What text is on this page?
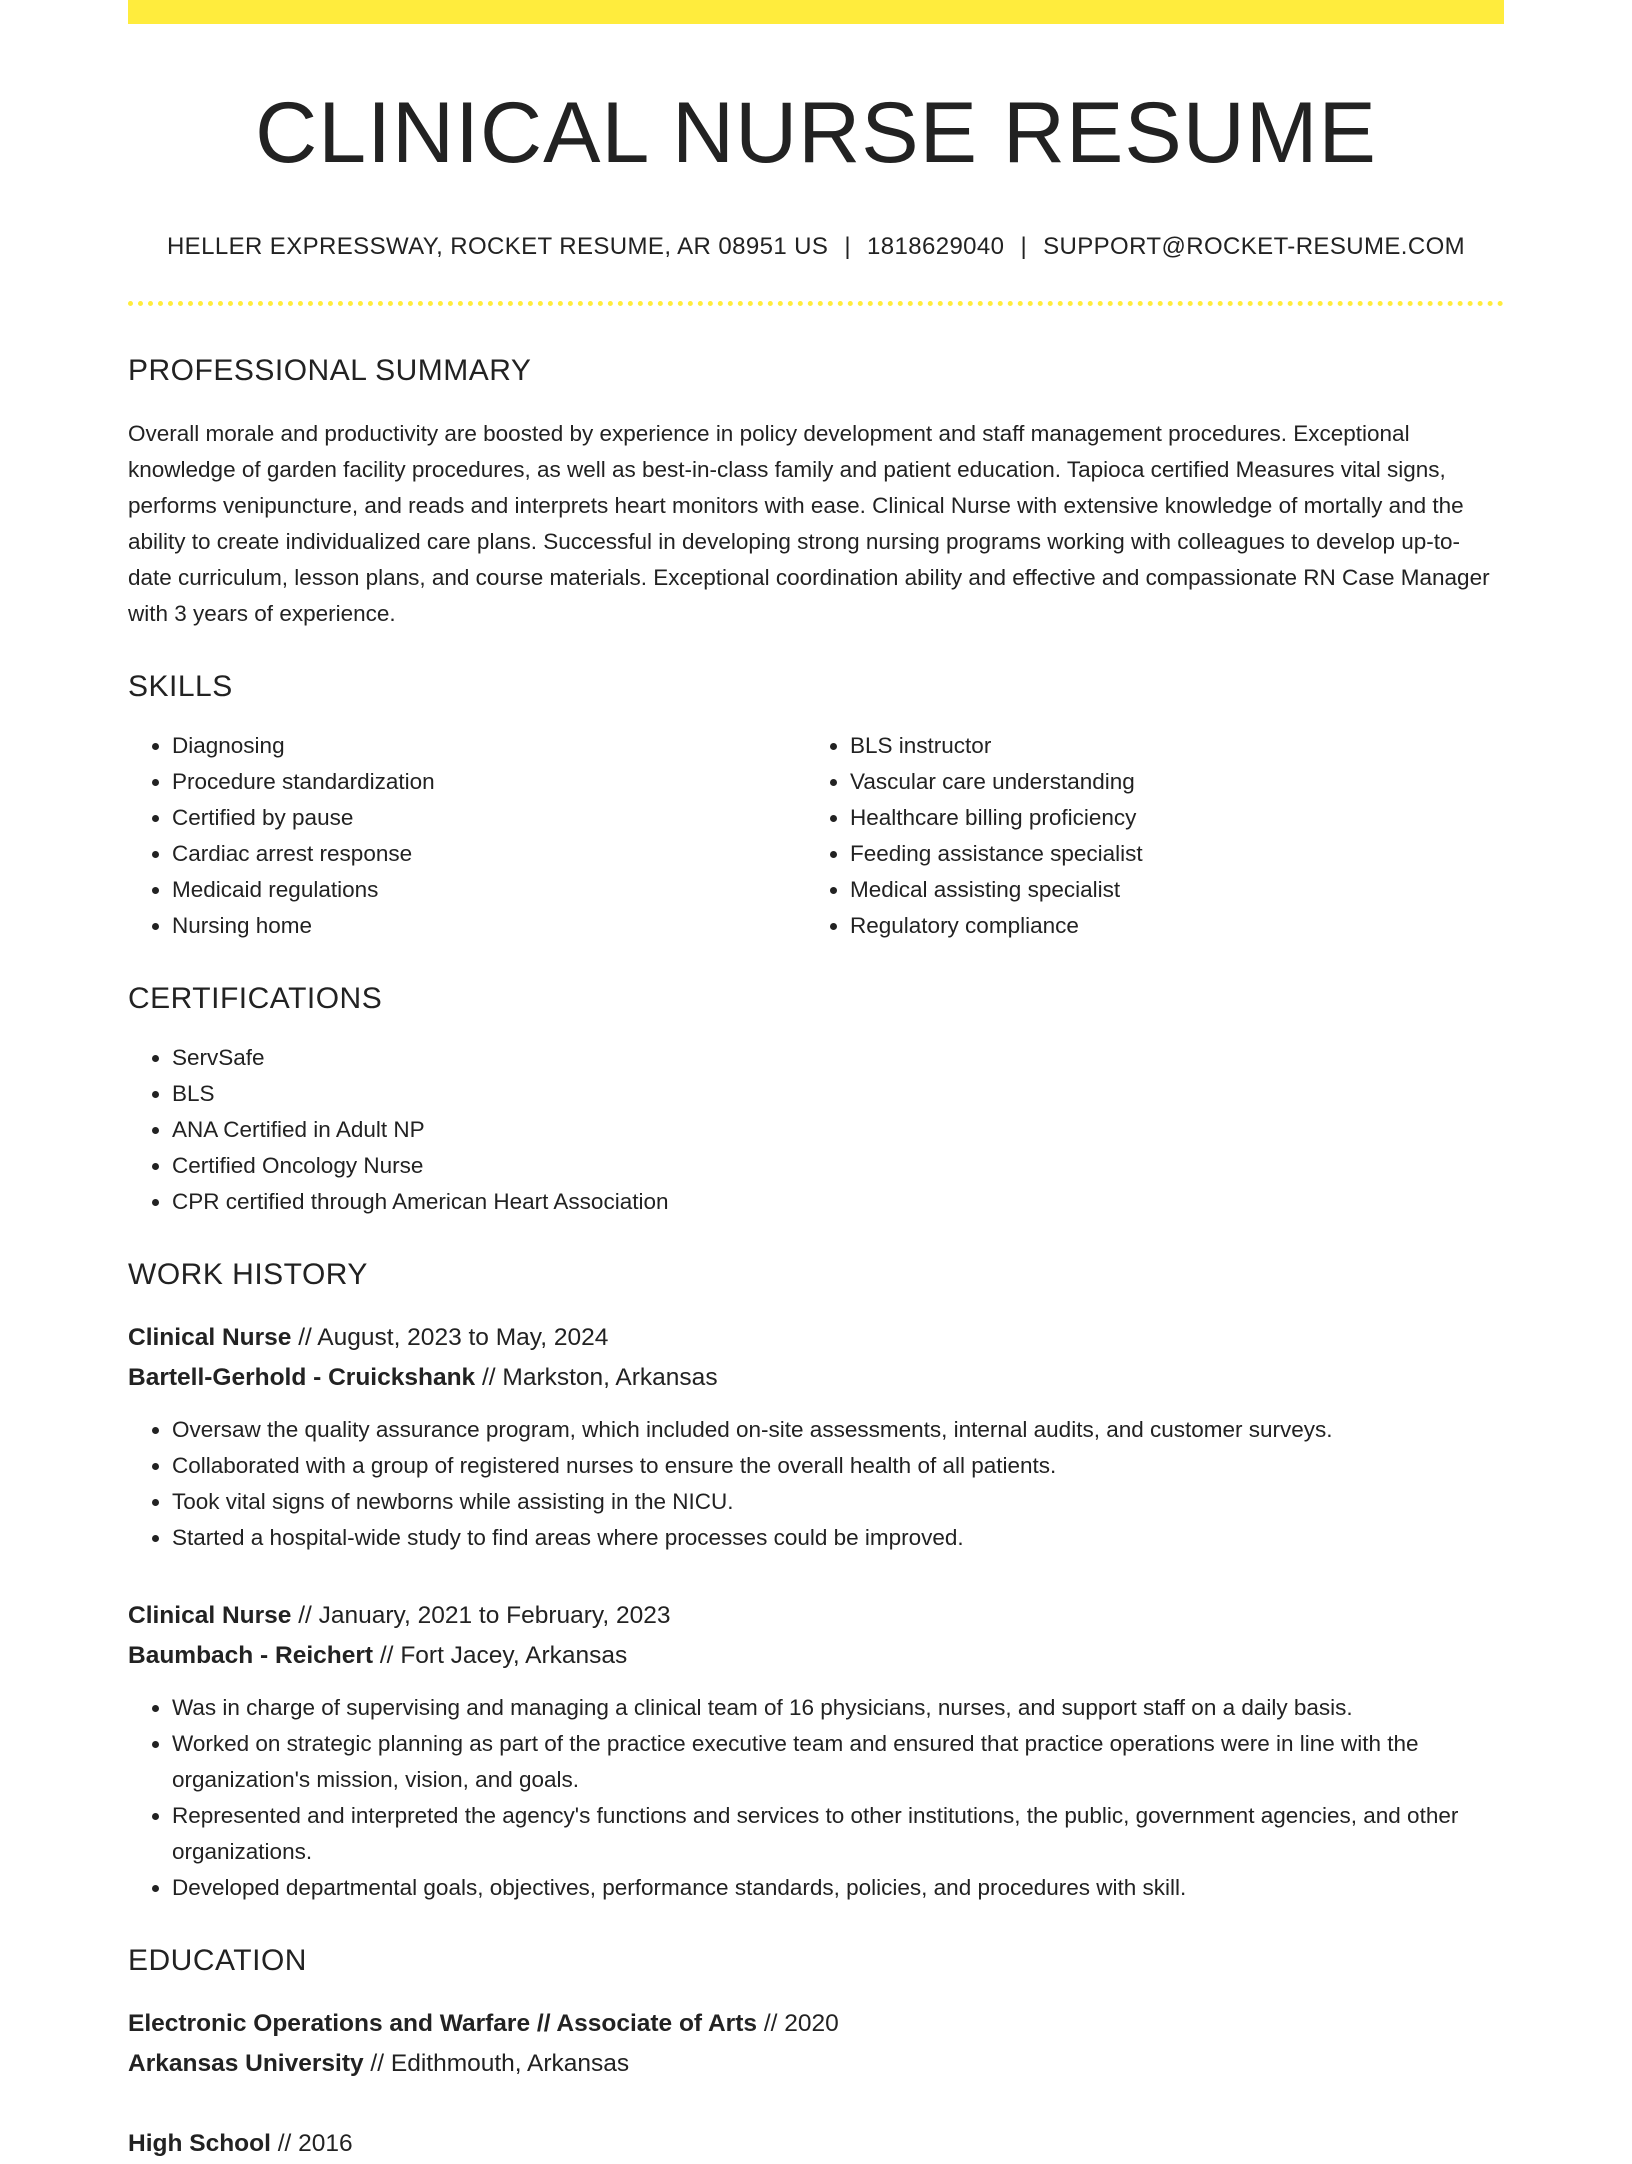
CLINICAL NURSE RESUME
HELLER EXPRESSWAY, ROCKET RESUME, AR 08951 US | 1818629040 | SUPPORT@ROCKET-RESUME.COM
PROFESSIONAL SUMMARY
Overall morale and productivity are boosted by experience in policy development and staff management procedures. Exceptional knowledge of garden facility procedures, as well as best-in-class family and patient education. Tapioca certified Measures vital signs, performs venipuncture, and reads and interprets heart monitors with ease. Clinical Nurse with extensive knowledge of mortally and the ability to create individualized care plans. Successful in developing strong nursing programs working with colleagues to develop up-to-date curriculum, lesson plans, and course materials. Exceptional coordination ability and effective and compassionate RN Case Manager with 3 years of experience.
SKILLS
• Diagnosing
• Procedure standardization
• Certified by pause
• Cardiac arrest response
• Medicaid regulations
• Nursing home
• BLS instructor
• Vascular care understanding
• Healthcare billing proficiency
• Feeding assistance specialist
• Medical assisting specialist
• Regulatory compliance
CERTIFICATIONS
• ServSafe
• BLS
• ANA Certified in Adult NP
• Certified Oncology Nurse
• CPR certified through American Heart Association
WORK HISTORY
Clinical Nurse // August, 2023 to May, 2024
Bartell-Gerhold - Cruickshank // Markston, Arkansas
• Oversaw the quality assurance program, which included on-site assessments, internal audits, and customer surveys.
• Collaborated with a group of registered nurses to ensure the overall health of all patients.
• Took vital signs of newborns while assisting in the NICU.
• Started a hospital-wide study to find areas where processes could be improved.
Clinical Nurse // January, 2021 to February, 2023
Baumbach - Reichert // Fort Jacey, Arkansas
• Was in charge of supervising and managing a clinical team of 16 physicians, nurses, and support staff on a daily basis.
• Worked on strategic planning as part of the practice executive team and ensured that practice operations were in line with the organization's mission, vision, and goals.
• Represented and interpreted the agency's functions and services to other institutions, the public, government agencies, and other organizations.
• Developed departmental goals, objectives, performance standards, policies, and procedures with skill.
EDUCATION
Electronic Operations and Warfare // Associate of Arts // 2020
Arkansas University // Edithmouth, Arkansas
High School // 2016
